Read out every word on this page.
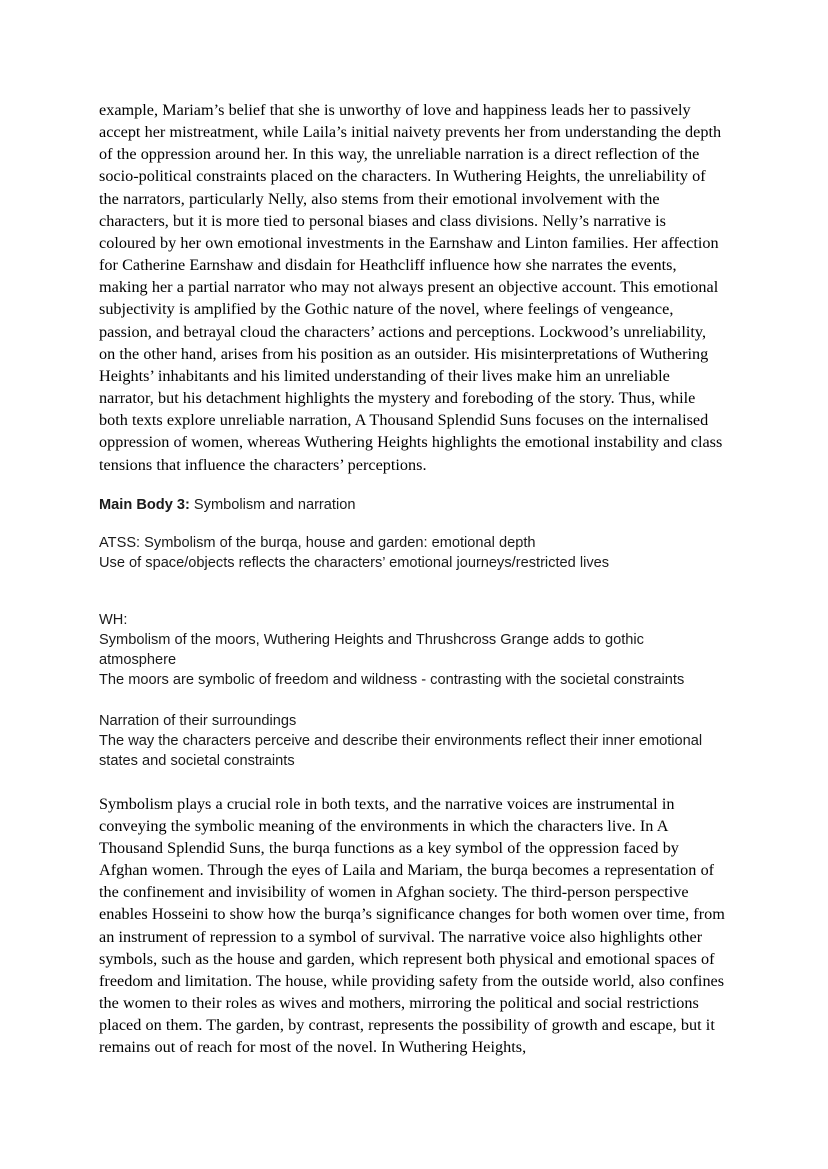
example, Mariam’s belief that she is unworthy of love and happiness leads her to passively accept her mistreatment, while Laila’s initial naivety prevents her from understanding the depth of the oppression around her. In this way, the unreliable narration is a direct reflection of the socio-political constraints placed on the characters. In Wuthering Heights, the unreliability of the narrators, particularly Nelly, also stems from their emotional involvement with the characters, but it is more tied to personal biases and class divisions. Nelly’s narrative is coloured by her own emotional investments in the Earnshaw and Linton families. Her affection for Catherine Earnshaw and disdain for Heathcliff influence how she narrates the events, making her a partial narrator who may not always present an objective account. This emotional subjectivity is amplified by the Gothic nature of the novel, where feelings of vengeance, passion, and betrayal cloud the characters’ actions and perceptions. Lockwood’s unreliability, on the other hand, arises from his position as an outsider. His misinterpretations of Wuthering Heights’ inhabitants and his limited understanding of their lives make him an unreliable narrator, but his detachment highlights the mystery and foreboding of the story. Thus, while both texts explore unreliable narration, A Thousand Splendid Suns focuses on the internalised oppression of women, whereas Wuthering Heights highlights the emotional instability and class tensions that influence the characters’ perceptions.

Main Body 3: Symbolism and narration

ATSS: Symbolism of the burqa, house and garden: emotional depth
Use of space/objects reflects the characters’ emotional journeys/restricted lives

WH:
Symbolism of the moors, Wuthering Heights and Thrushcross Grange adds to gothic atmosphere
The moors are symbolic of freedom and wildness - contrasting with the societal constraints

Narration of their surroundings
The way the characters perceive and describe their environments reflect their inner emotional states and societal constraints

Symbolism plays a crucial role in both texts, and the narrative voices are instrumental in conveying the symbolic meaning of the environments in which the characters live. In A Thousand Splendid Suns, the burqa functions as a key symbol of the oppression faced by Afghan women. Through the eyes of Laila and Mariam, the burqa becomes a representation of the confinement and invisibility of women in Afghan society. The third-person perspective enables Hosseini to show how the burqa’s significance changes for both women over time, from an instrument of repression to a symbol of survival. The narrative voice also highlights other symbols, such as the house and garden, which represent both physical and emotional spaces of freedom and limitation. The house, while providing safety from the outside world, also confines the women to their roles as wives and mothers, mirroring the political and social restrictions placed on them. The garden, by contrast, represents the possibility of growth and escape, but it remains out of reach for most of the novel. In Wuthering Heights,
